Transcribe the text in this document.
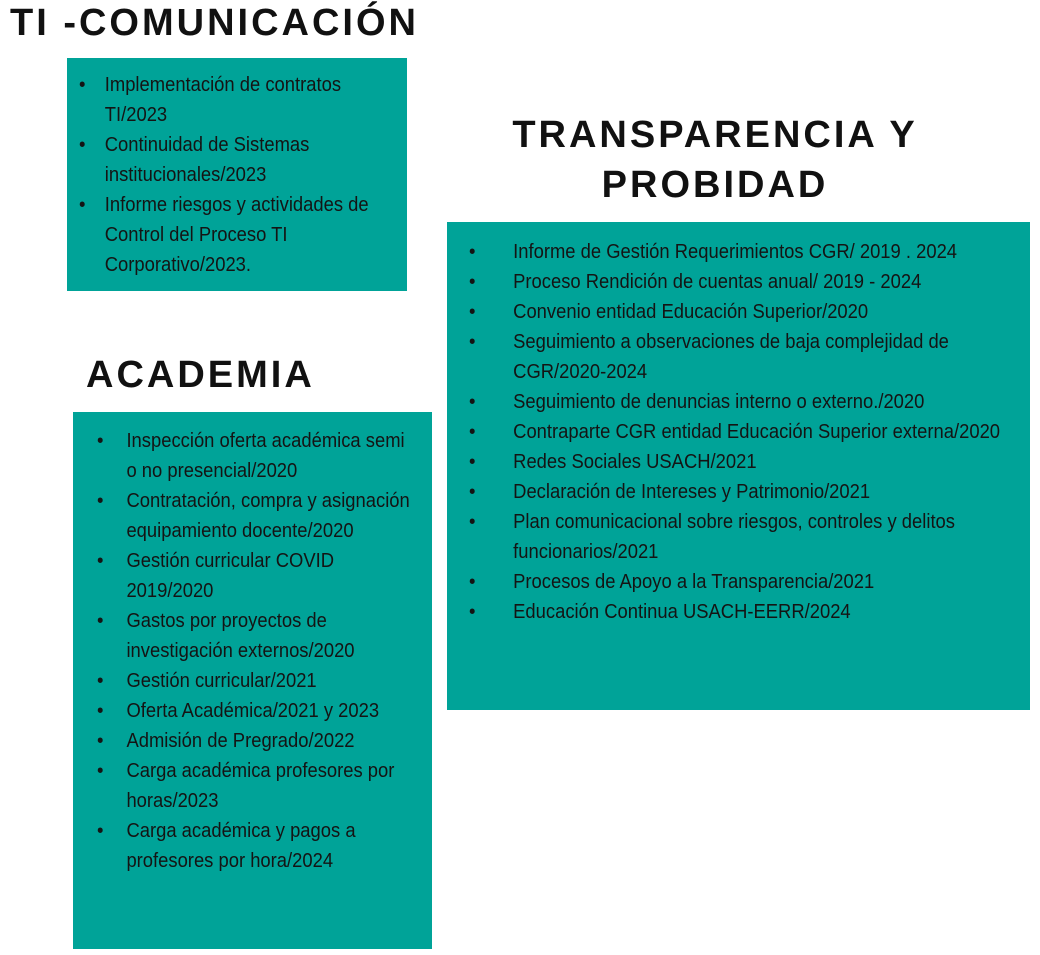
TI -COMUNICACIÓN
• Implementación de contratos TI/2023
• Continuidad de Sistemas institucionales/2023
• Informe riesgos y actividades de Control del Proceso TI Corporativo/2023.
TRANSPARENCIA Y PROBIDAD
• Informe de Gestión Requerimientos CGR/ 2019 . 2024
• Proceso Rendición de cuentas anual/ 2019 - 2024
• Convenio entidad Educación Superior/2020
• Seguimiento a observaciones de baja complejidad de CGR/2020-2024
• Seguimiento de denuncias interno o externo./2020
• Contraparte CGR entidad Educación Superior externa/2020
• Redes Sociales USACH/2021
• Declaración de Intereses y Patrimonio/2021
• Plan comunicacional sobre riesgos, controles y delitos funcionarios/2021
• Procesos de Apoyo a la Transparencia/2021
• Educación Continua USACH-EERR/2024
ACADEMIA
• Inspección oferta académica semi o no presencial/2020
• Contratación, compra y asignación equipamiento docente/2020
• Gestión curricular COVID 2019/2020
• Gastos por proyectos de investigación externos/2020
• Gestión curricular/2021
• Oferta Académica/2021 y 2023
• Admisión de Pregrado/2022
• Carga académica profesores por horas/2023
• Carga académica y pagos a profesores por hora/2024
